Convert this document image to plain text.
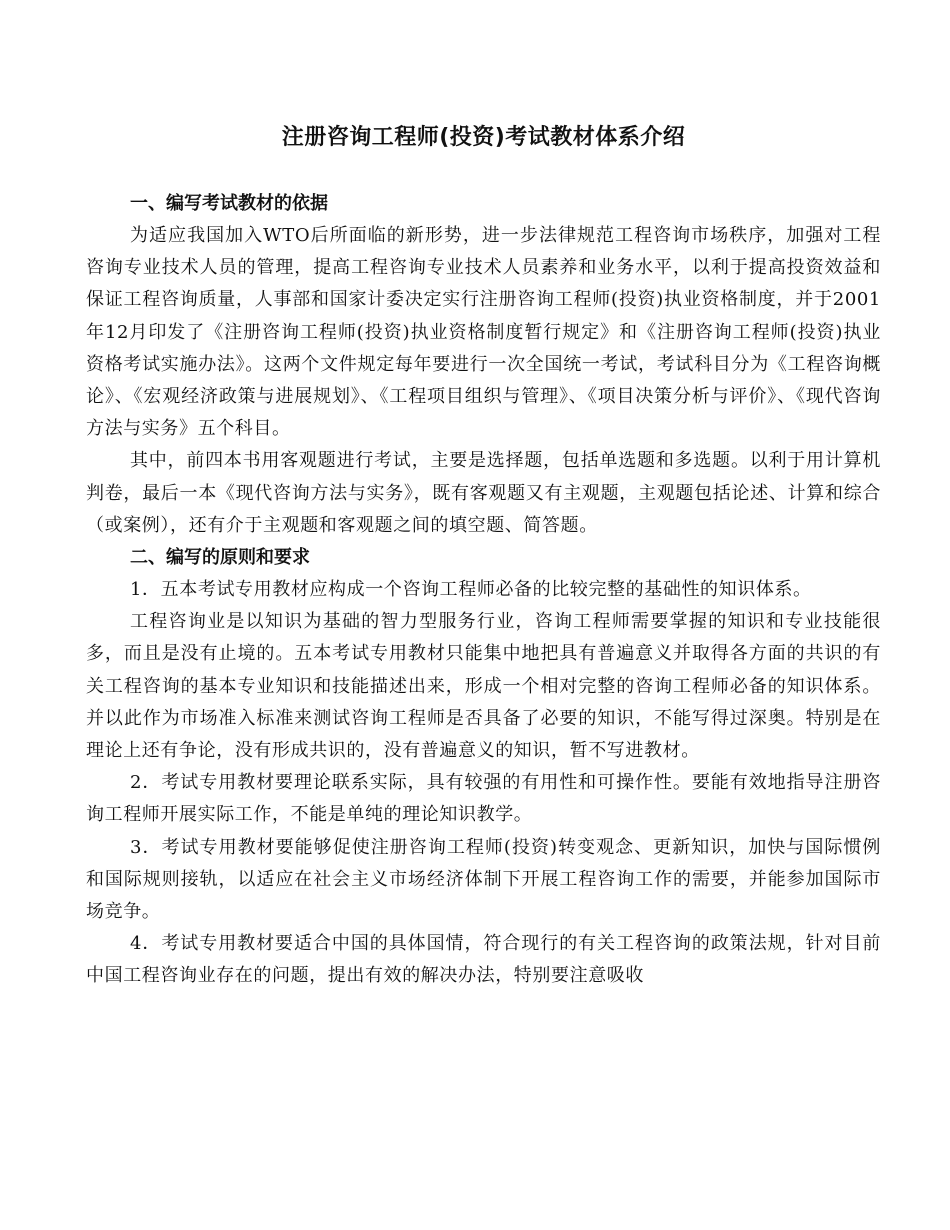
注册咨询工程师(投资)考试教材体系介绍

一、编写考试教材的依据

为适应我国加入WTO后所面临的新形势，进一步法律规范工程咨询市场秩序，加强对工程咨询专业技术人员的管理，提高工程咨询专业技术人员素养和业务水平，以利于提高投资效益和保证工程咨询质量，人事部和国家计委决定实行注册咨询工程师(投资)执业资格制度，并于2001年12月印发了《注册咨询工程师(投资)执业资格制度暂行规定》和《注册咨询工程师(投资)执业资格考试实施办法》。这两个文件规定每年要进行一次全国统一考试，考试科目分为《工程咨询概论》、《宏观经济政策与进展规划》、《工程项目组织与管理》、《项目决策分析与评价》、《现代咨询方法与实务》五个科目。

其中，前四本书用客观题进行考试，主要是选择题，包括单选题和多选题。以利于用计算机判卷，最后一本《现代咨询方法与实务》，既有客观题又有主观题，主观题包括论述、计算和综合（或案例），还有介于主观题和客观题之间的填空题、简答题。

二、编写的原则和要求

1．五本考试专用教材应构成一个咨询工程师必备的比较完整的基础性的知识体系。

工程咨询业是以知识为基础的智力型服务行业，咨询工程师需要掌握的知识和专业技能很多，而且是没有止境的。五本考试专用教材只能集中地把具有普遍意义并取得各方面的共识的有关工程咨询的基本专业知识和技能描述出来，形成一个相对完整的咨询工程师必备的知识体系。并以此作为市场准入标准来测试咨询工程师是否具备了必要的知识，不能写得过深奥。特别是在理论上还有争论，没有形成共识的，没有普遍意义的知识，暂不写进教材。

2．考试专用教材要理论联系实际，具有较强的有用性和可操作性。要能有效地指导注册咨询工程师开展实际工作，不能是单纯的理论知识教学。

3．考试专用教材要能够促使注册咨询工程师(投资)转变观念、更新知识，加快与国际惯例和国际规则接轨，以适应在社会主义市场经济体制下开展工程咨询工作的需要，并能参加国际市场竞争。

4．考试专用教材要适合中国的具体国情，符合现行的有关工程咨询的政策法规，针对目前中国工程咨询业存在的问题，提出有效的解决办法，特别要注意吸收
